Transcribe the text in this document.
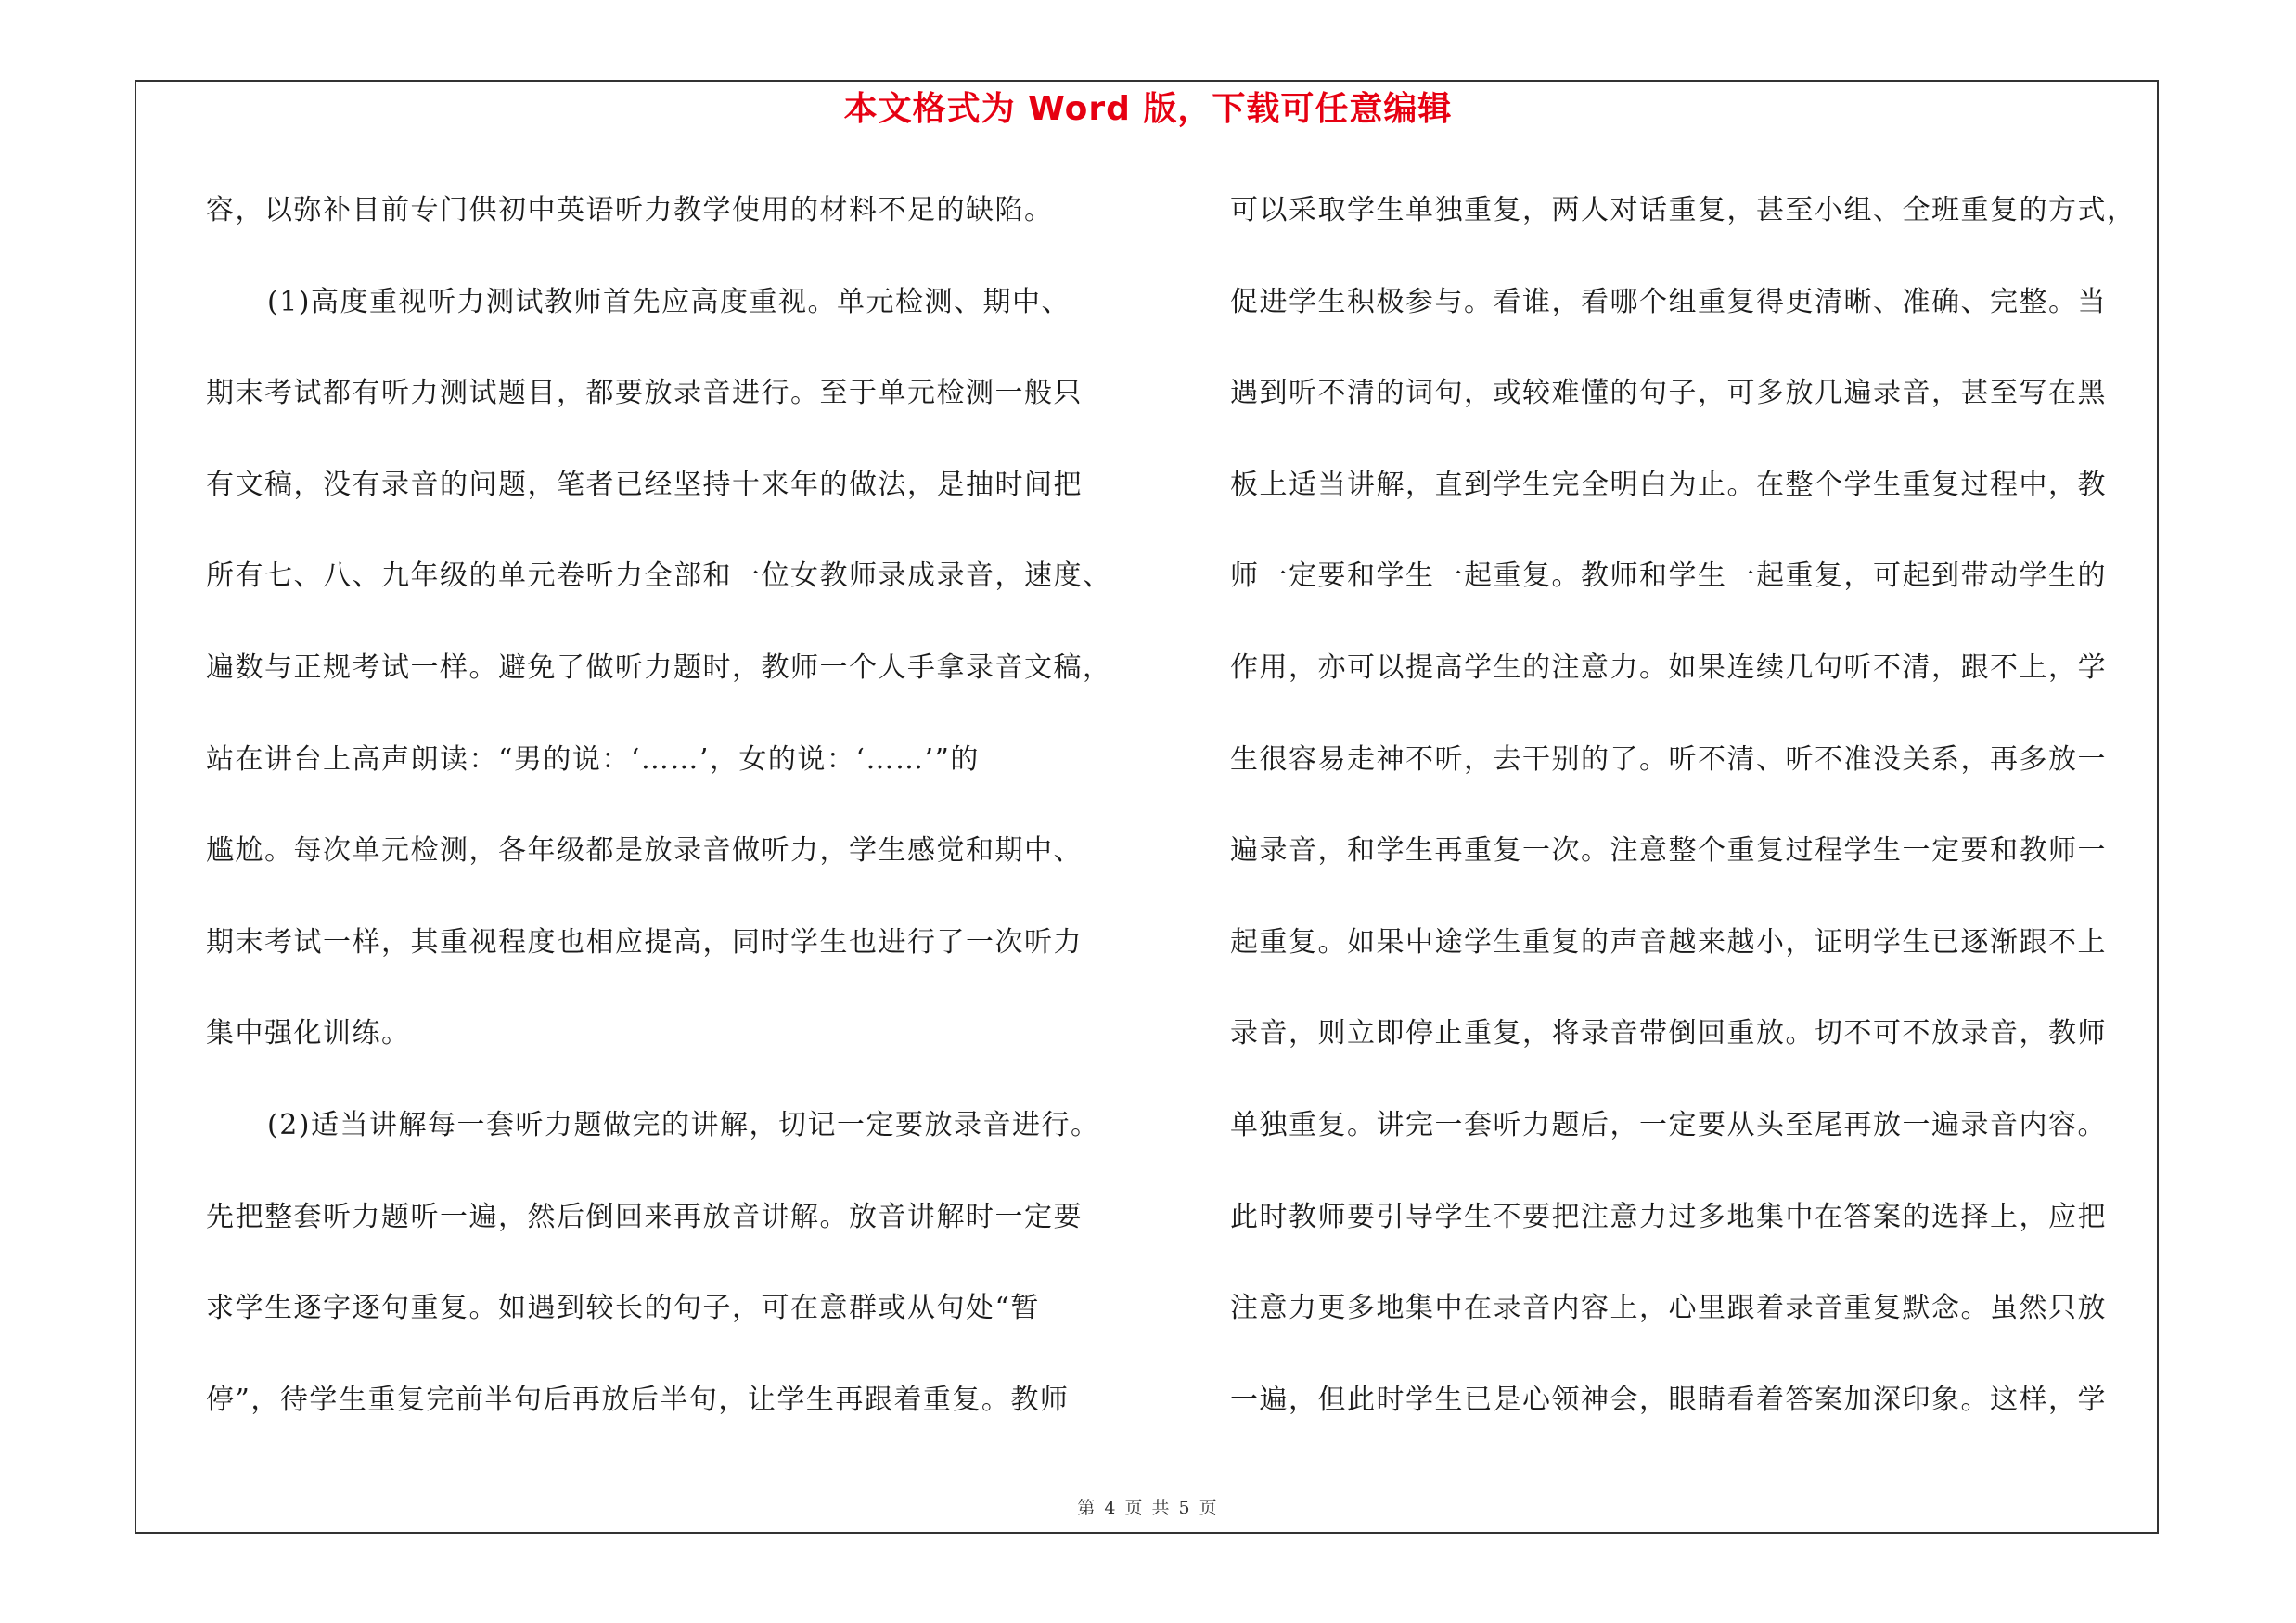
本文格式为 Word 版，下载可任意编辑
容，以弥补目前专门供初中英语听力教学使用的材料不足的缺陷。
(1)高度重视听力测试教师首先应高度重视。单元检测、期中、
期末考试都有听力测试题目，都要放录音进行。至于单元检测一般只
有文稿，没有录音的问题，笔者已经坚持十来年的做法，是抽时间把
所有七、八、九年级的单元卷听力全部和一位女教师录成录音，速度、
遍数与正规考试一样。避免了做听力题时，教师一个人手拿录音文稿，
站在讲台上高声朗读：“男的说：‘……’，女的说：‘……’”的
尴尬。每次单元检测，各年级都是放录音做听力，学生感觉和期中、
期末考试一样，其重视程度也相应提高，同时学生也进行了一次听力
集中强化训练。
(2)适当讲解每一套听力题做完的讲解，切记一定要放录音进行。
先把整套听力题听一遍，然后倒回来再放音讲解。放音讲解时一定要
求学生逐字逐句重复。如遇到较长的句子，可在意群或从句处“暂
停”，待学生重复完前半句后再放后半句，让学生再跟着重复。教师
可以采取学生单独重复，两人对话重复，甚至小组、全班重复的方式，
促进学生积极参与。看谁，看哪个组重复得更清晰、准确、完整。当
遇到听不清的词句，或较难懂的句子，可多放几遍录音，甚至写在黑
板上适当讲解，直到学生完全明白为止。在整个学生重复过程中，教
师一定要和学生一起重复。教师和学生一起重复，可起到带动学生的
作用，亦可以提高学生的注意力。如果连续几句听不清，跟不上，学
生很容易走神不听，去干别的了。听不清、听不准没关系，再多放一
遍录音，和学生再重复一次。注意整个重复过程学生一定要和教师一
起重复。如果中途学生重复的声音越来越小，证明学生已逐渐跟不上
录音，则立即停止重复，将录音带倒回重放。切不可不放录音，教师
单独重复。讲完一套听力题后，一定要从头至尾再放一遍录音内容。
此时教师要引导学生不要把注意力过多地集中在答案的选择上，应把
注意力更多地集中在录音内容上，心里跟着录音重复默念。虽然只放
一遍，但此时学生已是心领神会，眼睛看着答案加深印象。这样，学
第 4 页 共 5 页
